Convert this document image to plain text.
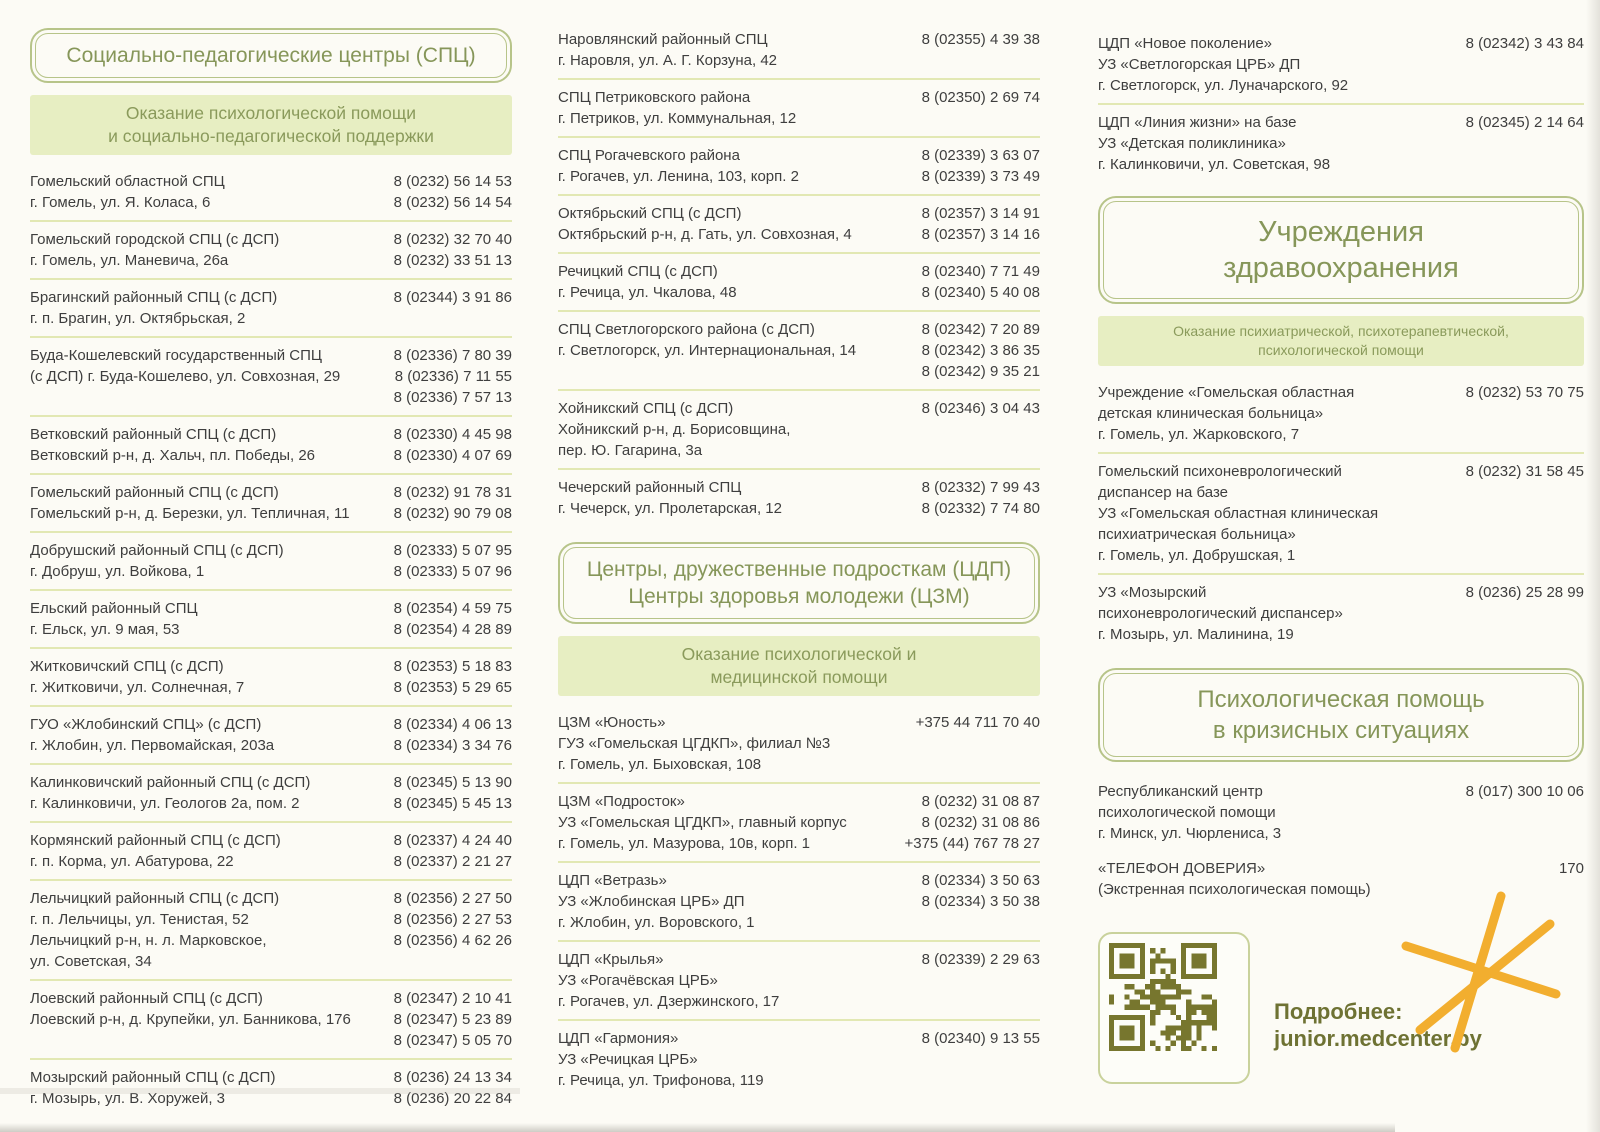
Социально-педагогические центры (СПЦ)
Оказание психологической помощи
и социально-педагогической поддержки
Гомельский областной СПЦ
г. Гомель, ул. Я. Коласа, 6
8 (0232) 56 14 53
8 (0232) 56 14 54
Гомельский городской СПЦ (с ДСП)
г. Гомель, ул. Маневича, 26а
8 (0232) 32 70 40
8 (0232) 33 51 13
Брагинский районный СПЦ (с ДСП)
г. п. Брагин, ул. Октябрьская, 2
8 (02344) 3 91 86
Буда-Кошелевский государственный СПЦ
(с ДСП) г. Буда-Кошелево, ул. Совхозная, 29
8 (02336) 7 80 39
8 (02336) 7 11 55
8 (02336) 7 57 13
Ветковский районный СПЦ (с ДСП)
Ветковский р-н, д. Хальч, пл. Победы, 26
8 (02330) 4 45 98
8 (02330) 4 07 69
Гомельский районный СПЦ (с ДСП)
Гомельский р-н, д. Березки, ул. Тепличная, 11
8 (0232) 91 78 31
8 (0232) 90 79 08
Добрушский районный СПЦ (с ДСП)
г. Добруш, ул. Войкова, 1
8 (02333) 5 07 95
8 (02333) 5 07 96
Ельский районный СПЦ
г. Ельск, ул. 9 мая, 53
8 (02354) 4 59 75
8 (02354) 4 28 89
Житковичский СПЦ (с ДСП)
г. Житковичи, ул. Солнечная, 7
8 (02353) 5 18 83
8 (02353) 5 29 65
ГУО «Жлобинский СПЦ» (с ДСП)
г. Жлобин, ул. Первомайская, 203а
8 (02334) 4 06 13
8 (02334) 3 34 76
Калинковичский районный СПЦ (с ДСП)
г. Калинковичи, ул. Геологов 2а, пом. 2
8 (02345) 5 13 90
8 (02345) 5 45 13
Кормянский районный СПЦ (с ДСП)
г. п. Корма, ул. Абатурова, 22
8 (02337) 4 24 40
8 (02337) 2 21 27
Лельчицкий районный СПЦ (с ДСП)
г. п. Лельчицы, ул. Тенистая, 52
Лельчицкий р-н, н. л. Марковское,
ул. Советская, 34
8 (02356) 2 27 50
8 (02356) 2 27 53
8 (02356) 4 62 26
Лоевский районный СПЦ (с ДСП)
Лоевский р-н, д. Крупейки, ул. Банникова, 176
8 (02347) 2 10 41
8 (02347) 5 23 89
8 (02347) 5 05 70
Мозырский районный СПЦ (с ДСП)
г. Мозырь, ул. В. Хоружей, 3
8 (0236) 24 13 34
8 (0236) 20 22 84
Наровлянский районный СПЦ
г. Наровля, ул. А. Г. Корзуна, 42
8 (02355) 4 39 38
СПЦ Петриковского района
г. Петриков, ул. Коммунальная, 12
8 (02350) 2 69 74
СПЦ Рогачевского района
г. Рогачев, ул. Ленина, 103, корп. 2
8 (02339) 3 63 07
8 (02339) 3 73 49
Октябрьский СПЦ (с ДСП)
Октябрьский р-н, д. Гать, ул. Совхозная, 4
8 (02357) 3 14 91
8 (02357) 3 14 16
Речицкий СПЦ (с ДСП)
г. Речица, ул. Чкалова, 48
8 (02340) 7 71 49
8 (02340) 5 40 08
СПЦ Светлогорского района (с ДСП)
г. Светлогорск, ул. Интернациональная, 14
8 (02342) 7 20 89
8 (02342) 3 86 35
8 (02342) 9 35 21
Хойникский СПЦ (с ДСП)
Хойникский р-н, д. Борисовщина,
пер. Ю. Гагарина, 3а
8 (02346) 3 04 43
Чечерский районный СПЦ
г. Чечерск, ул. Пролетарская, 12
8 (02332) 7 99 43
8 (02332) 7 74 80
Центры, дружественные подросткам (ЦДП)
Центры здоровья молодежи (ЦЗМ)
Оказание психологической и
медицинской помощи
ЦЗМ «Юность»
ГУЗ «Гомельская ЦГДКП», филиал №3
г. Гомель, ул. Быховская, 108
+375 44 711 70 40
ЦЗМ «Подросток»
УЗ «Гомельская ЦГДКП», главный корпус
г. Гомель, ул. Мазурова, 10в, корп. 1
8 (0232) 31 08 87
8 (0232) 31 08 86
+375 (44) 767 78 27
ЦДП «Ветразь»
УЗ «Жлобинская ЦРБ» ДП
г. Жлобин, ул. Воровского, 1
8 (02334) 3 50 63
8 (02334) 3 50 38
ЦДП «Крылья»
УЗ «Рогачёвская ЦРБ»
г. Рогачев, ул. Дзержинского, 17
8 (02339) 2 29 63
ЦДП «Гармония»
УЗ «Речицкая ЦРБ»
г. Речица, ул. Трифонова, 119
8 (02340) 9 13 55
ЦДП «Новое поколение»
УЗ «Светлогорская ЦРБ» ДП
г. Светлогорск, ул. Луначарского, 92
8 (02342) 3 43 84
ЦДП «Линия жизни» на базе
УЗ «Детская поликлиника»
г. Калинковичи, ул. Советская, 98
8 (02345) 2 14 64
Учреждения
здравоохранения
Оказание психиатрической, психотерапевтической,
психологической помощи
Учреждение «Гомельская областная
детская клиническая больница»
г. Гомель, ул. Жарковского, 7
8 (0232) 53 70 75
Гомельский психоневрологический
диспансер на базе
УЗ «Гомельская областная клиническая
психиатрическая больница»
г. Гомель, ул. Добрушская, 1
8 (0232) 31 58 45
УЗ «Мозырский
психоневрологический диспансер»
г. Мозырь, ул. Малинина, 19
8 (0236) 25 28 99
Психологическая помощь
в кризисных ситуациях
Республиканский центр
психологической помощи
г. Минск, ул. Чюрлениса, 3
8 (017) 300 10 06
«ТЕЛЕФОН ДОВЕРИЯ»
(Экстренная психологическая помощь)
170
Подробнее:
junior.medcenter.by
